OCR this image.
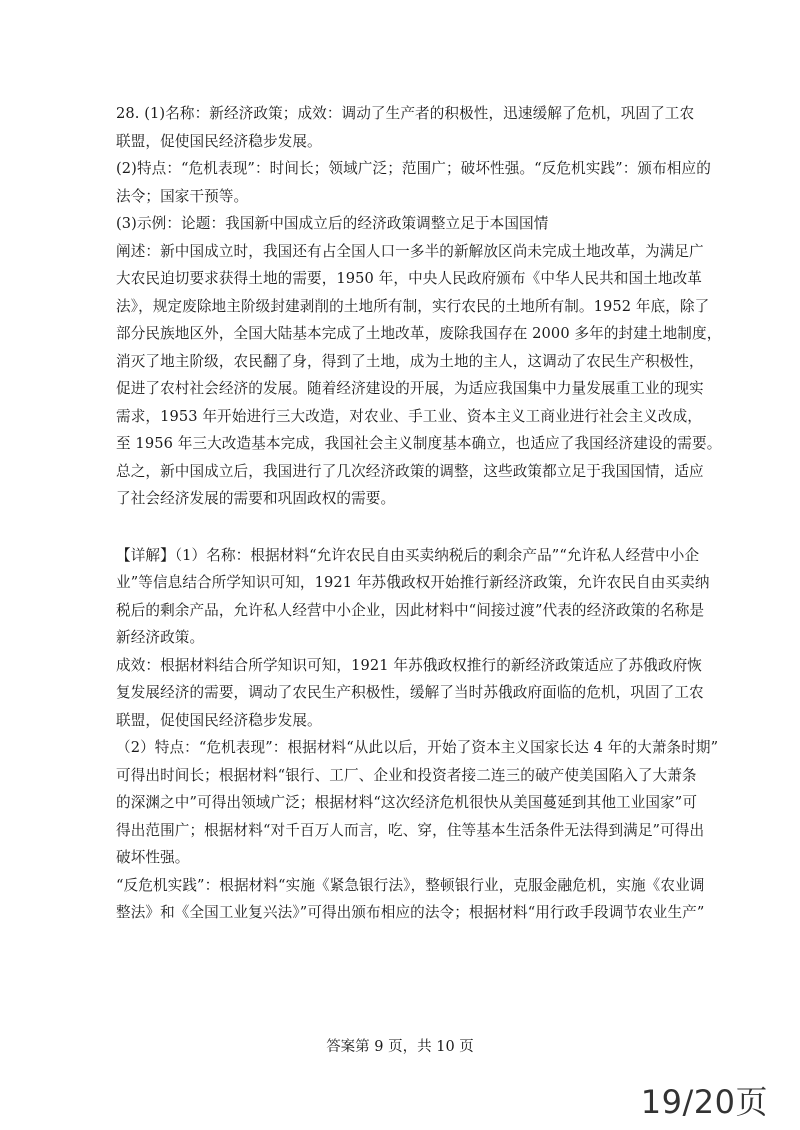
28. (1)名称：新经济政策；成效：调动了生产者的积极性，迅速缓解了危机，巩固了工农
联盟，促使国民经济稳步发展。
(2)特点：“危机表现”：时间长；领域广泛；范围广；破坏性强。“反危机实践”：颁布相应的
法令；国家干预等。
(3)示例：论题：我国新中国成立后的经济政策调整立足于本国国情
阐述：新中国成立时，我国还有占全国人口一多半的新解放区尚未完成土地改革，为满足广
大农民迫切要求获得土地的需要，1950 年，中央人民政府颁布《中华人民共和国土地改革
法》，规定废除地主阶级封建剥削的土地所有制，实行农民的土地所有制。1952 年底，除了
部分民族地区外，全国大陆基本完成了土地改革，废除我国存在 2000 多年的封建土地制度，
消灭了地主阶级，农民翻了身，得到了土地，成为土地的主人，这调动了农民生产积极性，
促进了农村社会经济的发展。随着经济建设的开展，为适应我国集中力量发展重工业的现实
需求，1953 年开始进行三大改造，对农业、手工业、资本主义工商业进行社会主义改成，
至 1956 年三大改造基本完成，我国社会主义制度基本确立，也适应了我国经济建设的需要。
总之，新中国成立后，我国进行了几次经济政策的调整，这些政策都立足于我国国情，适应
了社会经济发展的需要和巩固政权的需要。
【详解】（1）名称：根据材料“允许农民自由买卖纳税后的剩余产品”“允许私人经营中小企
业”等信息结合所学知识可知，1921 年苏俄政权开始推行新经济政策，允许农民自由买卖纳
税后的剩余产品，允许私人经营中小企业，因此材料中“间接过渡”代表的经济政策的名称是
新经济政策。
成效：根据材料结合所学知识可知，1921 年苏俄政权推行的新经济政策适应了苏俄政府恢
复发展经济的需要，调动了农民生产积极性，缓解了当时苏俄政府面临的危机，巩固了工农
联盟，促使国民经济稳步发展。
（2）特点：“危机表现”：根据材料“从此以后，开始了资本主义国家长达 4 年的大萧条时期”
可得出时间长；根据材料“银行、工厂、企业和投资者接二连三的破产使美国陷入了大萧条
的深渊之中”可得出领域广泛；根据材料“这次经济危机很快从美国蔓延到其他工业国家”可
得出范围广；根据材料“对千百万人而言，吃、穿，住等基本生活条件无法得到满足”可得出
破坏性强。
“反危机实践”：根据材料“实施《紧急银行法》，整顿银行业，克服金融危机，实施《农业调
整法》和《全国工业复兴法》”可得出颁布相应的法令；根据材料“用行政手段调节农业生产”
答案第 9 页，共 10 页
19/20页
